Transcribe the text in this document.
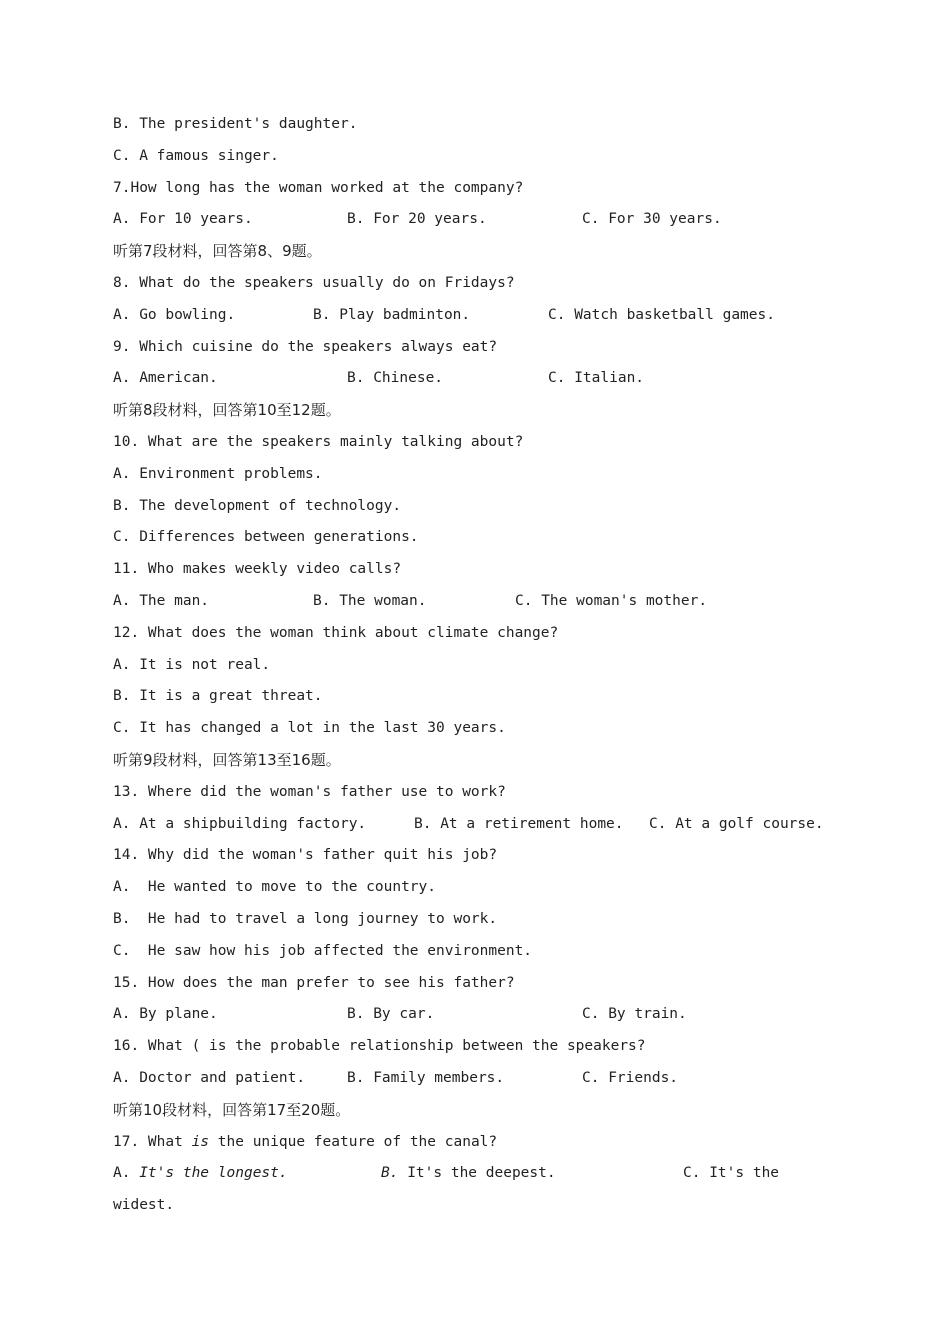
B. The president's daughter.
C. A famous singer.
7.How long has the woman worked at the company?

A. For 10 years.

	B. For 20 years.

	C. For 30 years.

听第7段材料，回答第8、9题。
8. What do the speakers usually do on Fridays?

A. Go bowling.

	B. Play badminton.

	C. Watch basketball games.

9. Which cuisine do the speakers always eat?

A. American.

	B. Chinese.

	C. Italian.

听第8段材料，回答第10至12题。
10. What are the speakers mainly talking about?
A. Environment problems.
B. The development of technology.
C. Differences between generations.
11. Who makes weekly video calls?

A. The man.

	B. The woman.

	C. The woman's mother.

12. What does the woman think about climate change?
A. It is not real.
B. It is a great threat.
C. It has changed a lot in the last 30 years.
听第9段材料，回答第13至16题。
13. Where did the woman's father use to work?

A. At a shipbuilding factory.

	B. At a retirement home.

C. At a golf course.

14. Why did the woman's father quit his job?
A.  He wanted to move to the country.
B.  He had to travel a long journey to work.
C.  He saw how his job affected the environment.
15. How does the man prefer to see his father?

A. By plane.

	B. By car.

	C. By train.

16. What ( is the probable relationship between the speakers?

A. Doctor and patient.

	B. Family members.

	C. Friends.

听第10段材料，回答第17至20题。
17. What is the unique feature of the canal?

A. It's the longest.

	B. It's the deepest.

	C. It's the

widest.
